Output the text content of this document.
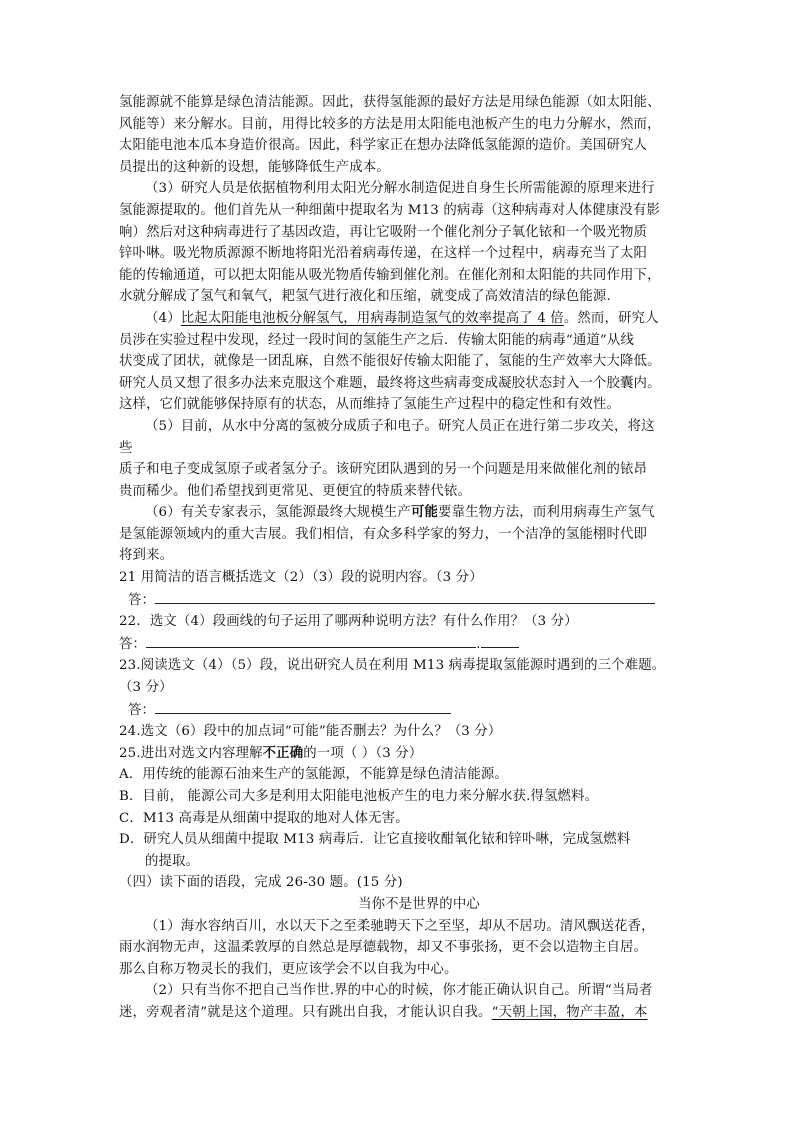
氢能源就不能算是绿色清洁能源。因此，获得氢能源的最好方法是用绿色能源（如太阳能、
风能等）来分解水。目前，用得比较多的方法是用太阳能电池板产生的电力分解水，然而，
太阳能电池本瓜本身造价很高。因此，科学家正在想办法降低氢能源的造价。美国研究人
员提出的这种新的设想，能够降低生产成本。
（3）研究人员是依据植物利用太阳光分解水制造促进自身生长所需能源的原理来进行
氢能源提取的。他们首先从一种细菌中提取名为 M13 的病毒（这种病毒对人体健康没有影
响）然后对这种病毒进行了基因改造，再让它吸附一个催化剂分子氧化铱和一个吸光物质
锌卟啉。吸光物质源源不断地将阳光沿着病毒传递，在这样一个过程中，病毒充当了太阳
能的传输通道，可以把太阳能从吸光物盾传输到催化剂。在催化剂和太阳能的共同作用下，
水就分解成了氢气和氧气，耙氢气进行液化和压缩，就变成了高效清洁的绿色能源.
（4）比起太阳能电池板分解氢气，用病毒制造氢气的效率提高了 4 倍。然而，研究人
员涉在实验过程中发现，经过一段时间的氢能生产之后．传输太阳能的病毒“通道”从线
状变成了团状，就像是一团乱麻，自然不能很好传输太阳能了，氢能的生产效率大大降低。
研究人员又想了很多办法来克服这个难题，最终将这些病毒变成凝胶状态封入一个胶囊内。
这样，它们就能够保持原有的状态，从而维持了氢能生产过程中的稳定性和有效性。
（5）目前，从水中分离的氢被分成质子和电子。研究人员正在进行第二步攻关，将这
些
质子和电子变成氢原子或者氢分子。该研究团队遇到的另一个问题是用来做催化剂的铱昂
贵而稀少。他们希望找到更常见、更便宜的特质来替代铱。
（6）有关专家表示，氢能源最终大规模生产可能要靠生物方法，而利用病毒生产氢气
是氢能源领域内的重大吉展。我们相信，有众多科学家的努力，一个洁净的氢能栩时代即
将到来。
21 用简洁的语言概括选文（2）（3）段的说明内容。（3 分）
答：
22．选文（4）段画线的句子运用了哪两种说明方法？有什么作用？（3 分）
答：	.
23.阅读选文（4）（5）段，说出研究人员在利用 M13 病毒提取氢能源时遇到的三个难题。
（3 分）
答：
24.选文（6）段中的加点词“可能”能否删去？为什么？（3 分）
25.进出对选文内容理解不正确的一项（ ）（3 分）
A．用传统的能源石油来生产的氢能源，不能算是绿色清洁能源。
B．目前， 能源公司大多是利用太阳能电池板产生的电力来分解水获.得氢燃料。
C．M13 高毒是从细菌中提取的地对人体无害。
D．研究人员从细菌中提取 M13 病毒后．让它直接收酣氧化铱和锌卟啉，完成氢燃料
的提取。
（四）读下面的语段，完成 26-30 题。(15 分)
当你不是世界的中心
（1）海水容纳百川，水以天下之至柔驰聘天下之至坚，却从不居功。清风飘送花香，
雨水润物无声，这温柔敦厚的自然总是厚德载物，却又不事张扬，更不会以造物主自居。
那么自称万物灵长的我们，更应该学会不以自我为中心。
（2）只有当你不把自己当作世.界的中心的时候，你才能正确认识自己。所谓“当局者
迷，旁观者清”就是这个道理。只有跳出自我，才能认识自我。“天朝上国，物产丰盈，本
